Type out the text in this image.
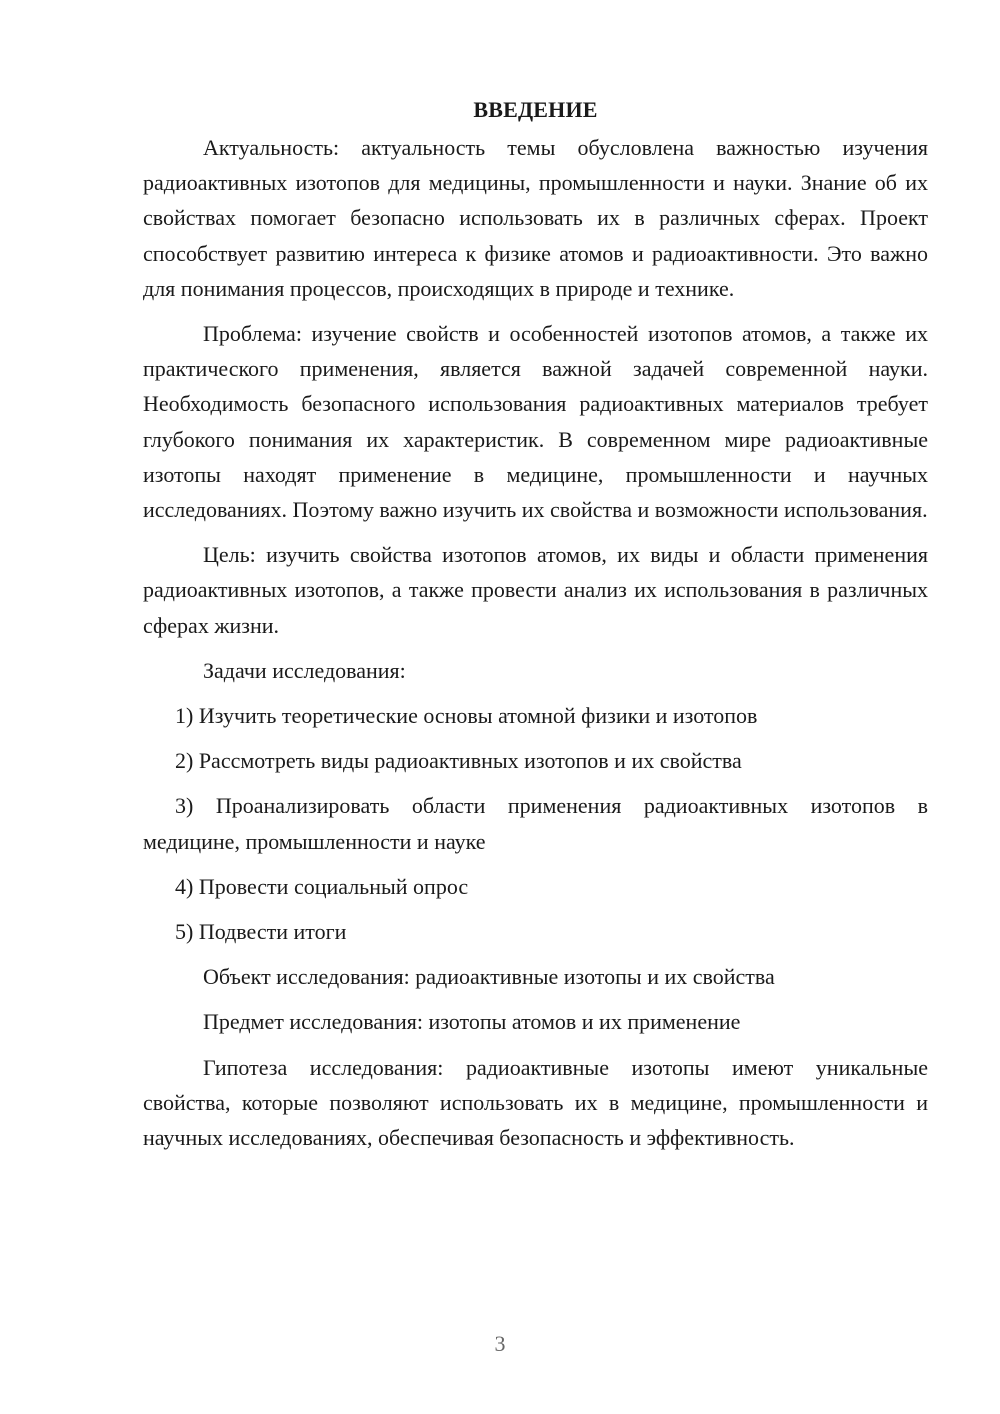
ВВЕДЕНИЕ

Актуальность: актуальность темы обусловлена важностью изучения радиоактивных изотопов для медицины, промышленности и науки. Знание об их свойствах помогает безопасно использовать их в различных сферах. Проект способствует развитию интереса к физике атомов и радиоактивности. Это важно для понимания процессов, происходящих в природе и технике.

Проблема: изучение свойств и особенностей изотопов атомов, а также их практического применения, является важной задачей современной науки. Необходимость безопасного использования радиоактивных материалов требует глубокого понимания их характеристик. В современном мире радиоактивные изотопы находят применение в медицине, промышленности и научных исследованиях. Поэтому важно изучить их свойства и возможности использования.

Цель: изучить свойства изотопов атомов, их виды и области применения радиоактивных изотопов, а также провести анализ их использования в различных сферах жизни.

Задачи исследования:

1) Изучить теоретические основы атомной физики и изотопов

2) Рассмотреть виды радиоактивных изотопов и их свойства

3) Проанализировать области применения радиоактивных изотопов в медицине, промышленности и науке

4) Провести социальный опрос

5) Подвести итоги

Объект исследования: радиоактивные изотопы и их свойства

Предмет исследования: изотопы атомов и их применение

Гипотеза исследования: радиоактивные изотопы имеют уникальные свойства, которые позволяют использовать их в медицине, промышленности и научных исследованиях, обеспечивая безопасность и эффективность.

3
